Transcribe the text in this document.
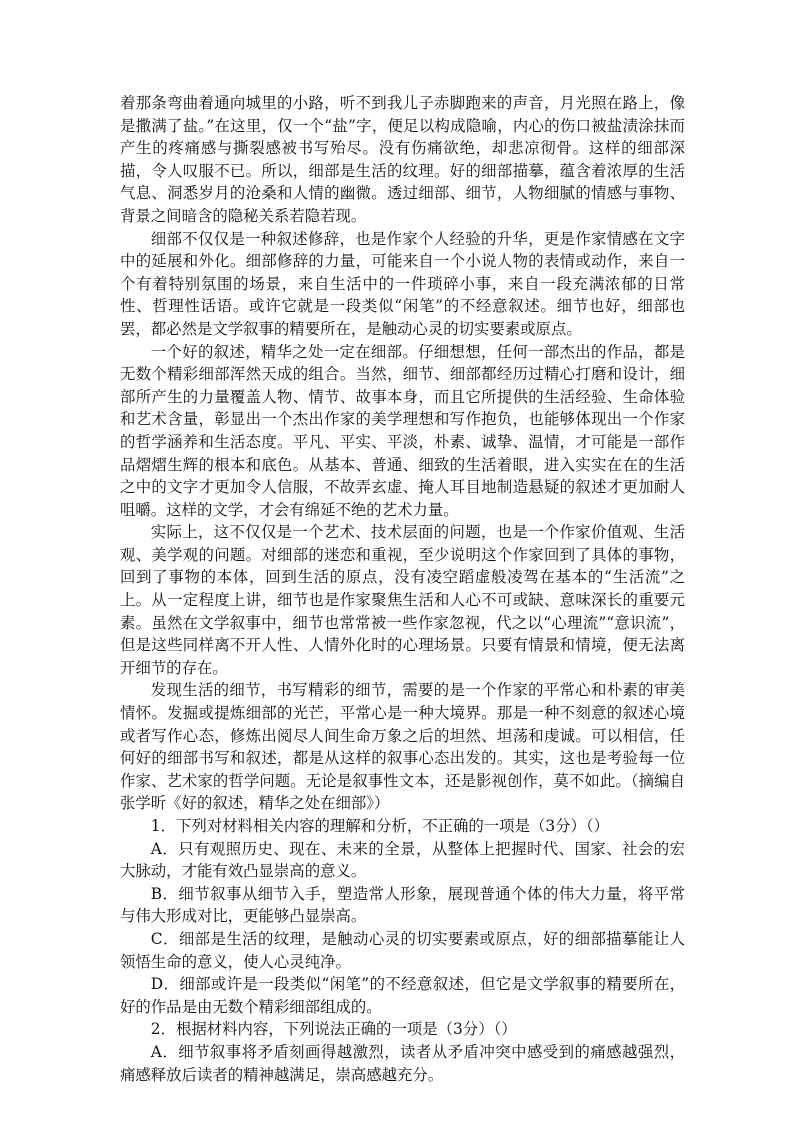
着那条弯曲着通向城里的小路，听不到我儿子赤脚跑来的声音，月光照在路上，像是撒满了盐。”在这里，仅一个“盐”字，便足以构成隐喻，内心的伤口被盐渍涂抹而产生的疼痛感与撕裂感被书写殆尽。没有伤痛欲绝，却悲凉彻骨。这样的细部深描，令人叹服不已。所以，细部是生活的纹理。好的细部描摹，蕴含着浓厚的生活气息、洞悉岁月的沧桑和人情的幽微。透过细部、细节，人物细腻的情感与事物、背景之间暗含的隐秘关系若隐若现。

细部不仅仅是一种叙述修辞，也是作家个人经验的升华，更是作家情感在文字中的延展和外化。细部修辞的力量，可能来自一个小说人物的表情或动作，来自一个有着特别氛围的场景，来自生活中的一件琐碎小事，来自一段充满浓郁的日常性、哲理性话语。或许它就是一段类似“闲笔”的不经意叙述。细节也好，细部也罢，都必然是文学叙事的精要所在，是触动心灵的切实要素或原点。

一个好的叙述，精华之处一定在细部。仔细想想，任何一部杰出的作品，都是无数个精彩细部浑然天成的组合。当然，细节、细部都经历过精心打磨和设计，细部所产生的力量覆盖人物、情节、故事本身，而且它所提供的生活经验、生命体验和艺术含量，彰显出一个杰出作家的美学理想和写作抱负，也能够体现出一个作家的哲学涵养和生活态度。平凡、平实、平淡，朴素、诚挚、温情，才可能是一部作品熠熠生辉的根本和底色。从基本、普通、细致的生活着眼，进入实实在在的生活之中的文字才更加令人信服，不故弄玄虚、掩人耳目地制造悬疑的叙述才更加耐人咀嚼。这样的文学，才会有绵延不绝的艺术力量。

实际上，这不仅仅是一个艺术、技术层面的问题，也是一个作家价值观、生活观、美学观的问题。对细部的迷恋和重视，至少说明这个作家回到了具体的事物，回到了事物的本体，回到生活的原点，没有凌空蹈虚般凌驾在基本的“生活流”之上。从一定程度上讲，细节也是作家聚焦生活和人心不可或缺、意味深长的重要元素。虽然在文学叙事中，细节也常常被一些作家忽视，代之以“心理流”“意识流”，但是这些同样离不开人性、人情外化时的心理场景。只要有情景和情境，便无法离开细节的存在。

发现生活的细节，书写精彩的细节，需要的是一个作家的平常心和朴素的审美情怀。发掘或提炼细部的光芒，平常心是一种大境界。那是一种不刻意的叙述心境或者写作心态，修炼出阅尽人间生命万象之后的坦然、坦荡和虔诚。可以相信，任何好的细部书写和叙述，都是从这样的叙事心态出发的。其实，这也是考验每一位作家、艺术家的哲学问题。无论是叙事性文本，还是影视创作，莫不如此。（摘编自张学昕《好的叙述，精华之处在细部》）

1．下列对材料相关内容的理解和分析，不正确的一项是（3分）（）

A．只有观照历史、现在、未来的全景，从整体上把握时代、国家、社会的宏大脉动，才能有效凸显崇高的意义。

B．细节叙事从细节入手，塑造常人形象，展现普通个体的伟大力量，将平常与伟大形成对比，更能够凸显崇高。

C．细部是生活的纹理，是触动心灵的切实要素或原点，好的细部描摹能让人领悟生命的意义，使人心灵纯净。

D．细部或许是一段类似“闲笔”的不经意叙述，但它是文学叙事的精要所在，好的作品是由无数个精彩细部组成的。

2．根据材料内容，下列说法正确的一项是（3分）（）

A．细节叙事将矛盾刻画得越激烈，读者从矛盾冲突中感受到的痛感越强烈，痛感释放后读者的精神越满足，崇高感越充分。
